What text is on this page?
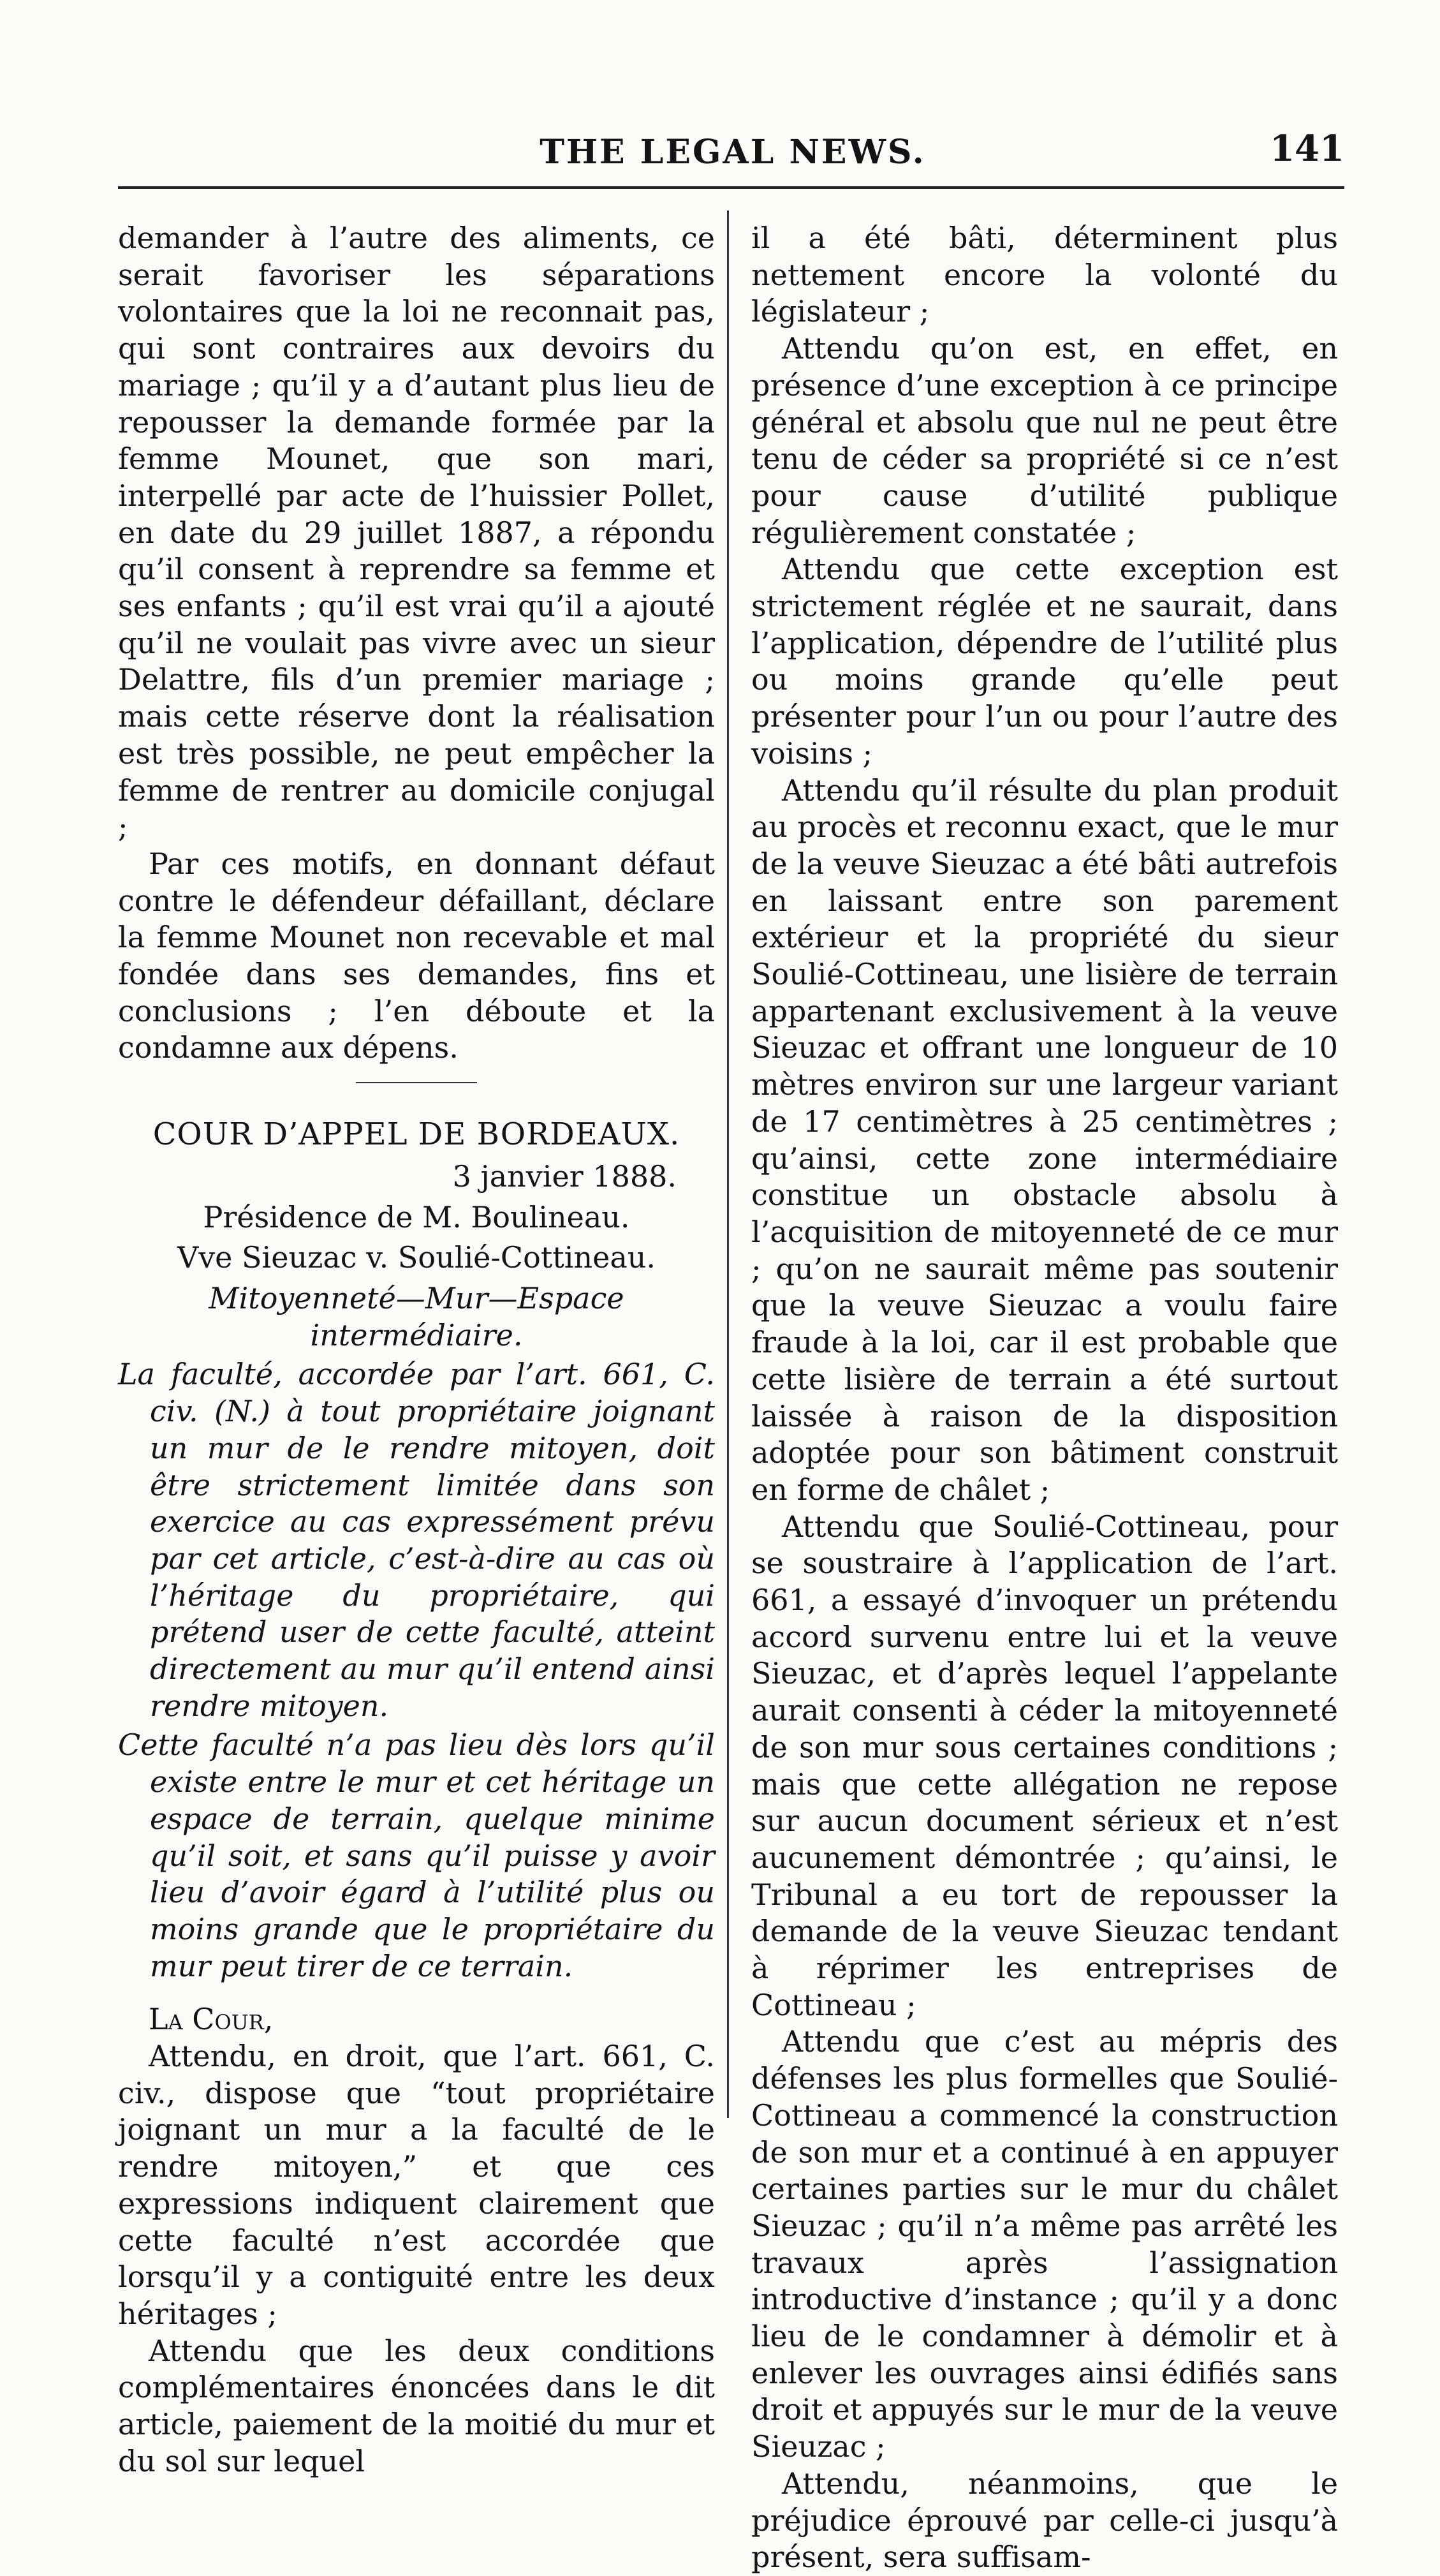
THE LEGAL NEWS.	141

demander à l’autre des aliments, ce serait favoriser les séparations volontaires que la loi ne reconnait pas, qui sont contraires aux devoirs du mariage ; qu’il y a d’autant plus lieu de repousser la demande formée par la femme Mounet, que son mari, interpellé par acte de l’huissier Pollet, en date du 29 juillet 1887, a répondu qu’il consent à reprendre sa femme et ses enfants ; qu’il est vrai qu’il a ajouté qu’il ne voulait pas vivre avec un sieur Delattre, fils d’un premier mariage ; mais cette réserve dont la réalisation est très possible, ne peut empêcher la femme de rentrer au domicile conjugal ;

Par ces motifs, en donnant défaut contre le défendeur défaillant, déclare la femme Mounet non recevable et mal fondée dans ses demandes, fins et conclusions ; l’en déboute et la condamne aux dépens.

COUR D’APPEL DE BORDEAUX.

3 janvier 1888.

Présidence de M. Boulineau.

Vve Sieuzac v. Soulié-Cottineau.

Mitoyenneté—Mur—Espace intermédiaire.

La faculté, accordée par l’art. 661, C. civ. (N.) à tout propriétaire joignant un mur de le rendre mitoyen, doit être strictement limitée dans son exercice au cas expressément prévu par cet article, c’est-à-dire au cas où l’héritage du propriétaire, qui prétend user de cette faculté, atteint directement au mur qu’il entend ainsi rendre mitoyen.

Cette faculté n’a pas lieu dès lors qu’il existe entre le mur et cet héritage un espace de terrain, quelque minime qu’il soit, et sans qu’il puisse y avoir lieu d’avoir égard à l’utilité plus ou moins grande que le propriétaire du mur peut tirer de ce terrain.

La Cour,

Attendu, en droit, que l’art. 661, C. civ., dispose que “tout propriétaire joignant un mur a la faculté de le rendre mitoyen,” et que ces expressions indiquent clairement que cette faculté n’est accordée que lorsqu’il y a contiguité entre les deux héritages ;

Attendu que les deux conditions complémentaires énoncées dans le dit article, paiement de la moitié du mur et du sol sur lequel

il a été bâti, déterminent plus nettement encore la volonté du législateur ;

Attendu qu’on est, en effet, en présence d’une exception à ce principe général et absolu que nul ne peut être tenu de céder sa propriété si ce n’est pour cause d’utilité publique régulièrement constatée ;

Attendu que cette exception est strictement réglée et ne saurait, dans l’application, dépendre de l’utilité plus ou moins grande qu’elle peut présenter pour l’un ou pour l’autre des voisins ;

Attendu qu’il résulte du plan produit au procès et reconnu exact, que le mur de la veuve Sieuzac a été bâti autrefois en laissant entre son parement extérieur et la propriété du sieur Soulié-Cottineau, une lisière de terrain appartenant exclusivement à la veuve Sieuzac et offrant une longueur de 10 mètres environ sur une largeur variant de 17 centimètres à 25 centimètres ; qu’ainsi, cette zone intermédiaire constitue un obstacle absolu à l’acquisition de mitoyenneté de ce mur ; qu’on ne saurait même pas soutenir que la veuve Sieuzac a voulu faire fraude à la loi, car il est probable que cette lisière de terrain a été surtout laissée à raison de la disposition adoptée pour son bâtiment construit en forme de châlet ;

Attendu que Soulié-Cottineau, pour se soustraire à l’application de l’art. 661, a essayé d’invoquer un prétendu accord survenu entre lui et la veuve Sieuzac, et d’après lequel l’appelante aurait consenti à céder la mitoyenneté de son mur sous certaines conditions ; mais que cette allégation ne repose sur aucun document sérieux et n’est aucunement démontrée ; qu’ainsi, le Tribunal a eu tort de repousser la demande de la veuve Sieuzac tendant à réprimer les entreprises de Cottineau ;

Attendu que c’est au mépris des défenses les plus formelles que Soulié-Cottineau a commencé la construction de son mur et a continué à en appuyer certaines parties sur le mur du châlet Sieuzac ; qu’il n’a même pas arrêté les travaux après l’assignation introductive d’instance ; qu’il y a donc lieu de le condamner à démolir et à enlever les ouvrages ainsi édifiés sans droit et appuyés sur le mur de la veuve Sieuzac ;

Attendu, néanmoins, que le préjudice éprouvé par celle-ci jusqu’à présent, sera suffisam-
